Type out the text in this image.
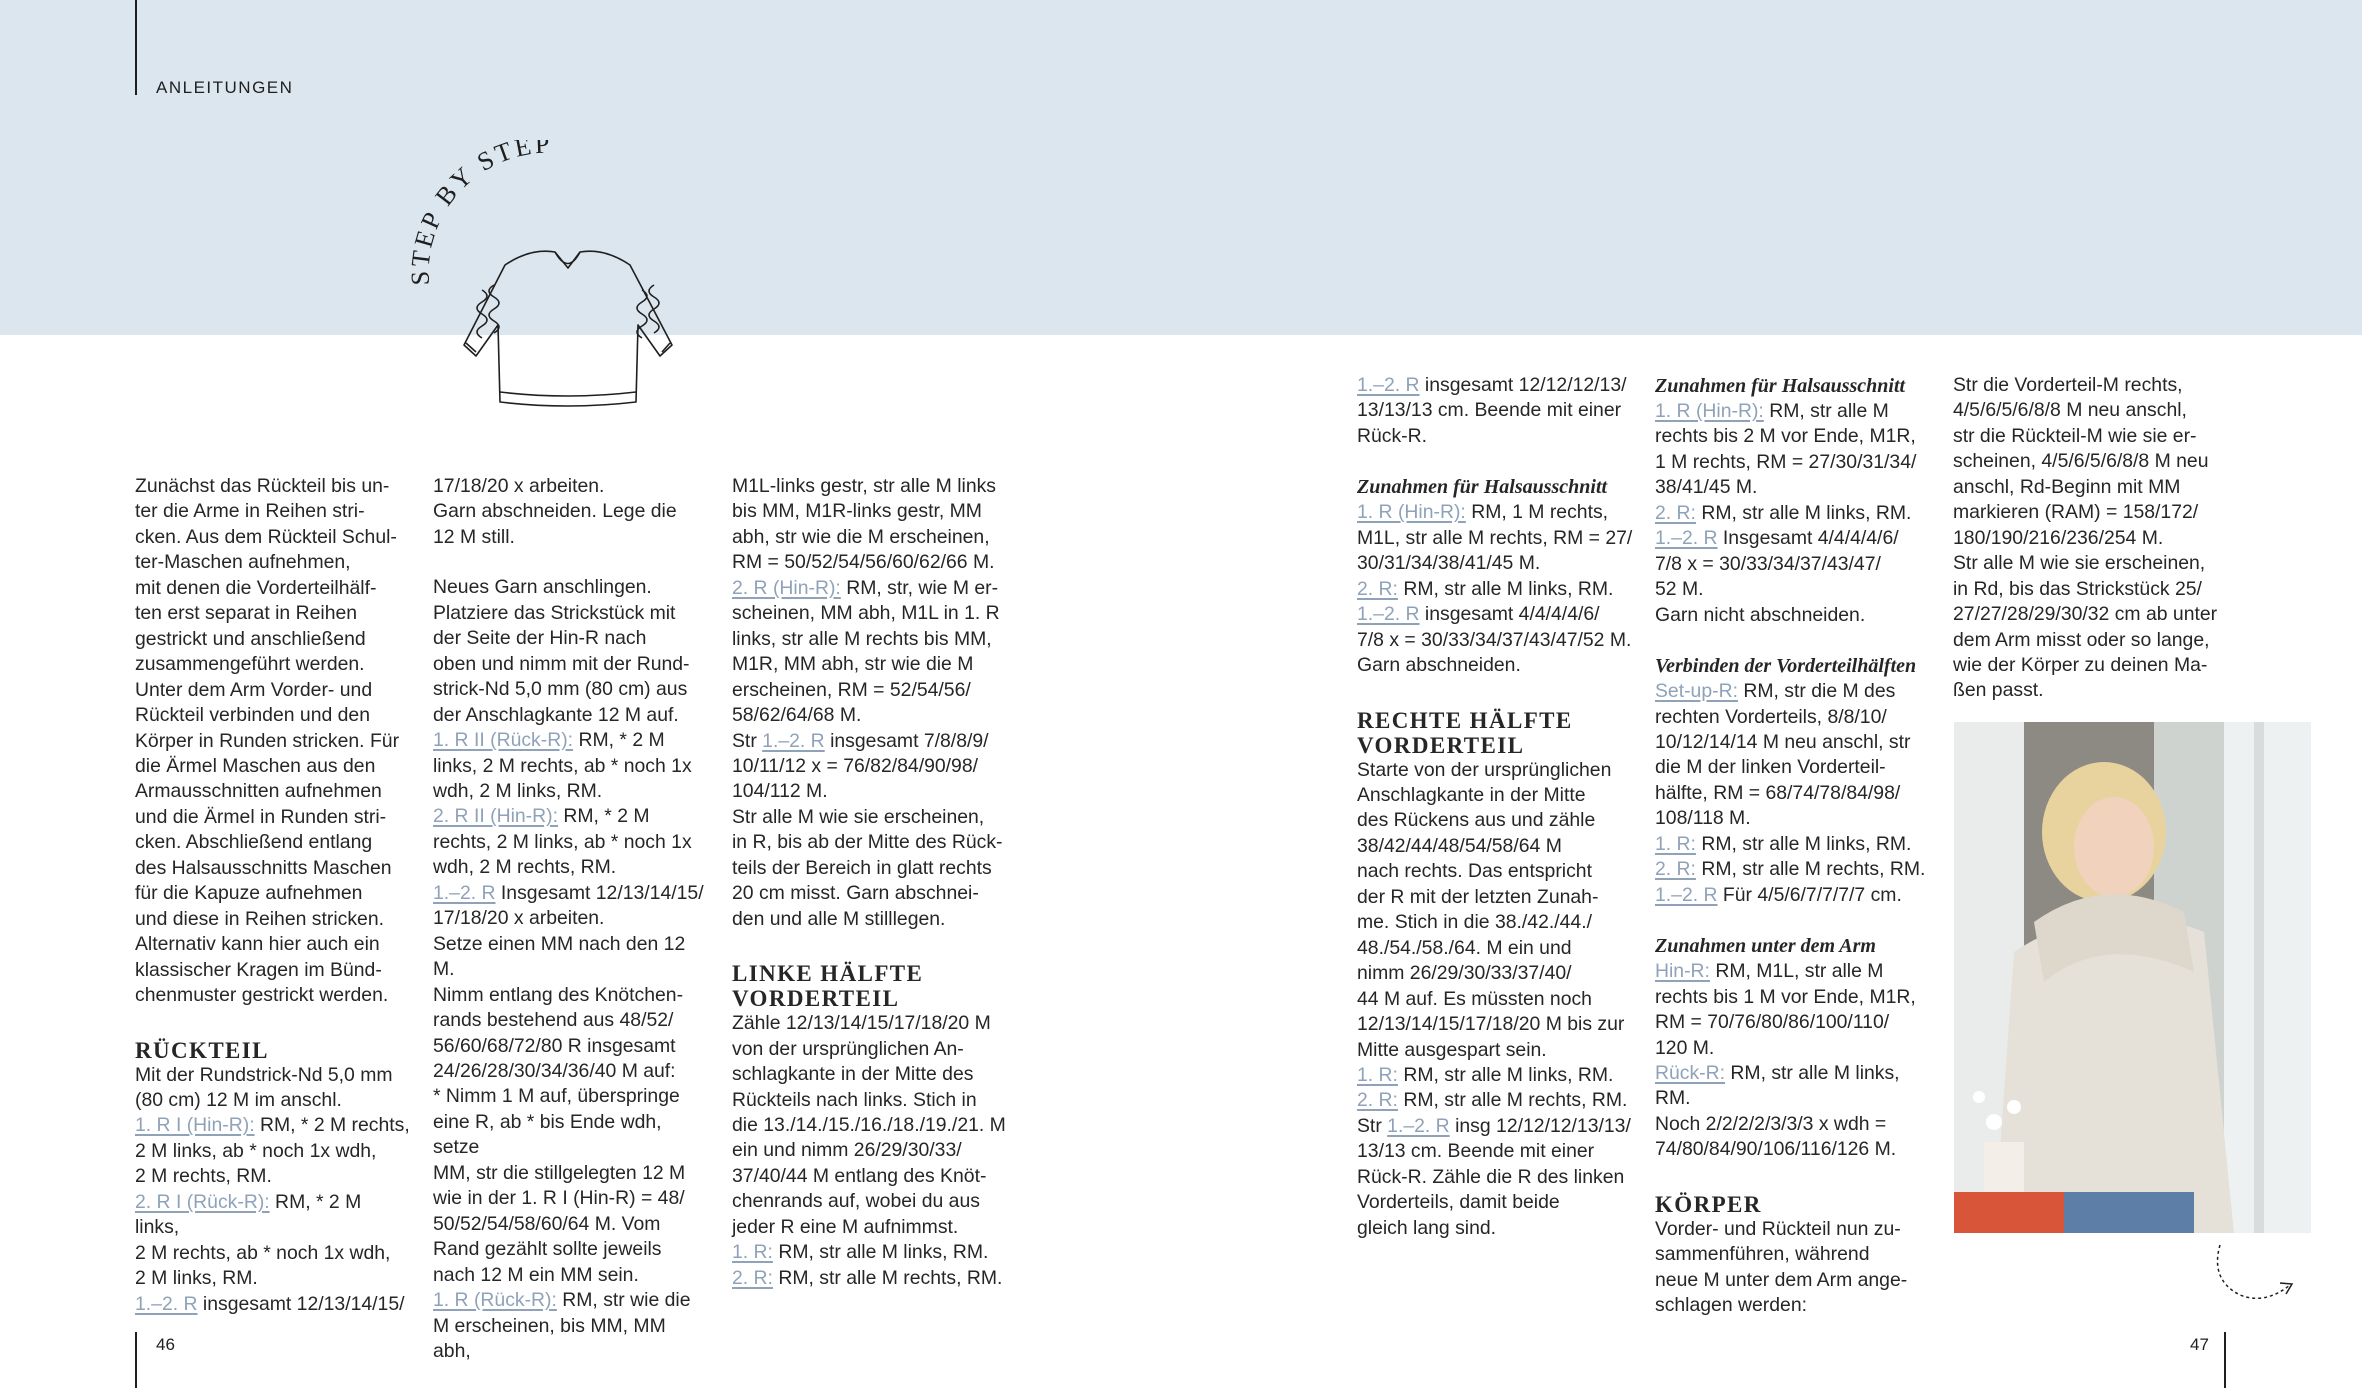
ANLEITUNGEN
EP BY STEP

Zunächst das Rückteil bis un-
ter die Arme in Reihen stri-
cken. Aus dem Rückteil Schul-
ter-Maschen aufnehmen,
mit denen die Vorderteilhälf-
ten erst separat in Reihen
gestrickt und anschließend
zusammengeführt werden.
Unter dem Arm Vorder- und
Rückteil verbinden und den
Körper in Runden stricken. Für
die Ärmel Maschen aus den
Armausschnitten aufnehmen
und die Ärmel in Runden stri-
cken. Abschließend entlang
des Halsausschnitts Maschen
für die Kapuze aufnehmen
und diese in Reihen stricken.
Alternativ kann hier auch ein
klassischer Kragen im Bünd-
chenmuster gestrickt werden.

RÜCKTEIL

Mit der Rundstrick-Nd 5,0 mm
(80 cm) 12 M im anschl.

1. R I (Hin-R): RM, * 2 M rechts,
2 M links, ab * noch 1x wdh,
2 M rechts, RM.

2. R I (Rück-R): RM, * 2 M links,
2 M rechts, ab * noch 1x wdh,
2 M links, RM.

1.–2. R insgesamt 12/13/14/15/

17/18/20 x arbeiten.
Garn abschneiden. Lege die
12 M still.

Neues Garn anschlingen.
Platziere das Strickstück mit
der Seite der Hin-R nach
oben und nimm mit der Rund-
strick-Nd 5,0 mm (80 cm) aus
der Anschlagkante 12 M auf.

1. R II (Rück-R): RM, * 2 M
links, 2 M rechts, ab * noch 1x
wdh, 2 M links, RM.

2. R II (Hin-R): RM, * 2 M
rechts, 2 M links, ab * noch 1x
wdh, 2 M rechts, RM.

1.–2. R Insgesamt 12/13/14/15/
17/18/20 x arbeiten.
Setze einen MM nach den 12 M.
Nimm entlang des Knötchen-
rands bestehend aus 48/52/
56/60/68/72/80 R insgesamt
24/26/28/30/34/36/40 M auf:
* Nimm 1 M auf, überspringe
eine R, ab * bis Ende wdh, setze
MM, str die stillgelegten 12 M
wie in der 1. R I (Hin-R) = 48/
50/52/54/58/60/64 M. Vom
Rand gezählt sollte jeweils
nach 12 M ein MM sein.

1. R (Rück-R): RM, str wie die
M erscheinen, bis MM, MM abh,

M1L-links gestr, str alle M links
bis MM, M1R-links gestr, MM
abh, str wie die M erscheinen,
RM = 50/52/54/56/60/62/66 M.

2. R (Hin-R): RM, str, wie M er-
scheinen, MM abh, M1L in 1. R
links, str alle M rechts bis MM,
M1R, MM abh, str wie die M
erscheinen, RM = 52/54/56/
58/62/64/68 M.

Str 1.–2. R insgesamt 7/8/8/9/
10/11/12 x = 76/82/84/90/98/
104/112 M.
Str alle M wie sie erscheinen,
in R, bis ab der Mitte des Rück-
teils der Bereich in glatt rechts
20 cm misst. Garn abschnei-
den und alle M stilllegen.

LINKE HÄLFTE
VORDERTEIL

Zähle 12/13/14/15/17/18/20 M
von der ursprünglichen An-
schlagkante in der Mitte des
Rückteils nach links. Stich in
die 13./14./15./16./18./19./21. M
ein und nimm 26/29/30/33/
37/40/44 M entlang des Knöt-
chenrands auf, wobei du aus
jeder R eine M aufnimmst.

1. R: RM, str alle M links, RM.

2. R: RM, str alle M rechts, RM.

1.–2. R insgesamt 12/12/12/13/
13/13/13 cm. Beende mit einer
Rück-R.

Zunahmen für Halsausschnitt

1. R (Hin-R): RM, 1 M rechts,
M1L, str alle M rechts, RM = 27/
30/31/34/38/41/45 M.

2. R: RM, str alle M links, RM.

1.–2. R insgesamt 4/4/4/4/6/
7/8 x = 30/33/34/37/43/47/52 M.
Garn abschneiden.

RECHTE HÄLFTE
VORDERTEIL

Starte von der ursprünglichen
Anschlagkante in der Mitte
des Rückens aus und zähle
38/42/44/48/54/58/64 M
nach rechts. Das entspricht
der R mit der letzten Zunah-
me. Stich in die 38./42./44./
48./54./58./64. M ein und
nimm 26/29/30/33/37/40/
44 M auf. Es müssten noch
12/13/14/15/17/18/20 M bis zur
Mitte ausgespart sein.

1. R: RM, str alle M links, RM.

2. R: RM, str alle M rechts, RM.

Str 1.–2. R insg 12/12/12/13/13/
13/13 cm. Beende mit einer
Rück-R. Zähle die R des linken
Vorderteils, damit beide
gleich lang sind.

Zunahmen für Halsausschnitt

1. R (Hin-R): RM, str alle M
rechts bis 2 M vor Ende, M1R,
1 M rechts, RM = 27/30/31/34/
38/41/45 M.

2. R: RM, str alle M links, RM.

1.–2. R Insgesamt 4/4/4/4/6/
7/8 x = 30/33/34/37/43/47/
52 M.
Garn nicht abschneiden.

Verbinden der Vorderteilhälften

Set-up-R: RM, str die M des
rechten Vorderteils, 8/8/10/
10/12/14/14 M neu anschl, str
die M der linken Vorderteil-
hälfte, RM = 68/74/78/84/98/
108/118 M.

1. R: RM, str alle M links, RM.

2. R: RM, str alle M rechts, RM.

1.–2. R Für 4/5/6/7/7/7/7 cm.

Zunahmen unter dem Arm

Hin-R: RM, M1L, str alle M
rechts bis 1 M vor Ende, M1R,
RM = 70/76/80/86/100/110/
120 M.

Rück-R: RM, str alle M links, RM.
Noch 2/2/2/2/3/3/3 x wdh =
74/80/84/90/106/116/126 M.

KÖRPER

Vorder- und Rückteil nun zu-
sammenführen, während
neue M unter dem Arm ange-
schlagen werden:

Str die Vorderteil-M rechts,
4/5/6/5/6/8/8 M neu anschl,
str die Rückteil-M wie sie er-
scheinen, 4/5/6/5/6/8/8 M neu
anschl, Rd-Beginn mit MM
markieren (RAM) = 158/172/
180/190/216/236/254 M.
Str alle M wie sie erscheinen,
in Rd, bis das Strickstück 25/
27/27/28/29/30/32 cm ab unter
dem Arm misst oder so lange,
wie der Körper zu deinen Ma-
ßen passt.

46	47
